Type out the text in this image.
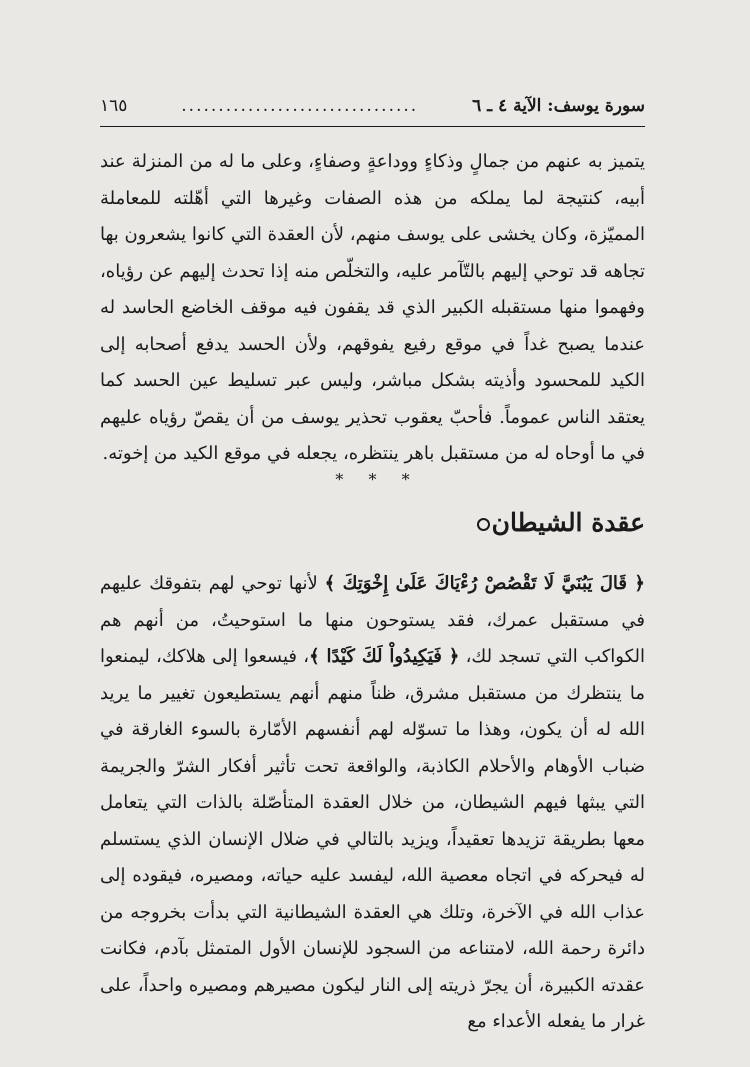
سورة يوسف: الآية ٤ ـ ٦
................................
١٦٥
يتميز به عنهم من جمالٍ وذكاءٍ ووداعةٍ وصفاءٍ، وعلى ما له من المنزلة عند أبيه، كنتيجة لما يملكه من هذه الصفات وغيرها التي أهّلته للمعاملة المميّزة، وكان يخشى على يوسف منهم، لأن العقدة التي كانوا يشعرون بها تجاهه قد توحي إليهم بالتّآمر عليه، والتخلّص منه إذا تحدث إليهم عن رؤياه، وفهموا منها مستقبله الكبير الذي قد يقفون فيه موقف الخاضع الحاسد له عندما يصبح غداً في موقع رفيع يفوقهم، ولأن الحسد يدفع أصحابه إلى الكيد للمحسود وأذيته بشكل مباشر، وليس عبر تسليط عين الحسد كما يعتقد الناس عموماً. فأحبّ يعقوب تحذير يوسف من أن يقصّ رؤياه عليهم في ما أوحاه له من مستقبل باهر ينتظره، يجعله في موقع الكيد من إخوته.
* * *
عقدة الشيطان
﴿ قَالَ يَبُنَيَّ لَا تَقْصُصْ رُءْيَاكَ عَلَىٰ إِخْوَتِكَ ﴾ لأنها توحي لهم بتفوقك عليهم في مستقبل عمرك، فقد يستوحون منها ما استوحيتُ، من أنهم هم الكواكب التي تسجد لك، ﴿ فَيَكِيدُواْ لَكَ كَيْدًا ﴾، فيسعوا إلى هلاكك، ليمنعوا ما ينتظرك من مستقبل مشرق، ظناً منهم أنهم يستطيعون تغيير ما يريد الله له أن يكون، وهذا ما تسوّله لهم أنفسهم الأمّارة بالسوء الغارقة في ضباب الأوهام والأحلام الكاذبة، والواقعة تحت تأثير أفكار الشرّ والجريمة التي يبثها فيهم الشيطان، من خلال العقدة المتأصّلة بالذات التي يتعامل معها بطريقة تزيدها تعقيداً، ويزيد بالتالي في ضلال الإنسان الذي يستسلم له فيحركه في اتجاه معصية الله، ليفسد عليه حياته، ومصيره، فيقوده إلى عذاب الله في الآخرة، وتلك هي العقدة الشيطانية التي بدأت بخروجه من دائرة رحمة الله، لامتناعه من السجود للإنسان الأول المتمثل بآدم، فكانت عقدته الكبيرة، أن يجرّ ذريته إلى النار ليكون مصيرهم ومصيره واحداً، على غرار ما يفعله الأعداء مع
